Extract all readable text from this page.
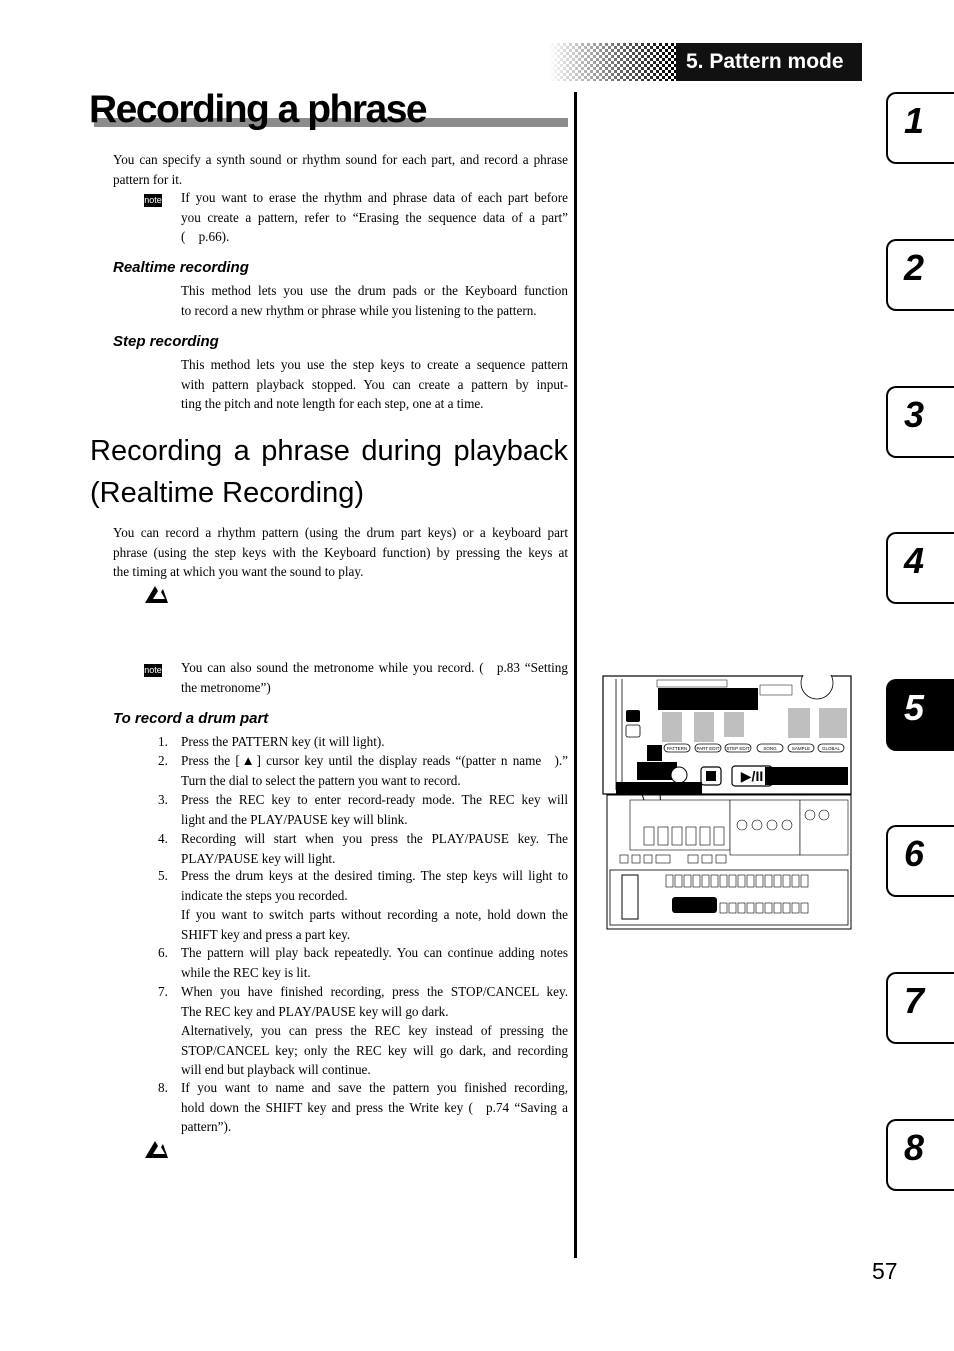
5. Pattern mode
Recording a phrase
You can specify a synth sound or rhythm sound for each part, and record a phrase pattern for it.
note If you want to erase the rhythm and phrase data of each part before
you create a pattern, refer to “Erasing the sequence data of a part”
( p.66).
Realtime recording
This method lets you use the drum pads or the Keyboard function
to record a new rhythm or phrase while you listening to the pattern.
Step recording
This method lets you use the step keys to create a sequence pattern
with pattern playback stopped. You can create a pattern by input-
ting the pitch and note length for each step, one at a time.
Recording a phrase during playback
(Realtime Recording)
You can record a rhythm pattern (using the drum part keys) or a keyboard part
phrase (using the step keys with the Keyboard function) by pressing the keys at
the timing at which you want the sound to play.
note You can also sound the metronome while you record. ( p.83 “Setting
the metronome”)
To record a drum part
1. Press the PATTERN key (it will light).
2. Press the [▲] cursor key until the display reads “(patter n name ).”
Turn the dial to select the pattern you want to record.
3. Press the REC key to enter record-ready mode. The REC key will
light and the PLAY/PAUSE key will blink.
4. Recording will start when you press the PLAY/PAUSE key. The
PLAY/PAUSE key will light.
5. Press the drum keys at the desired timing. The step keys will light to
indicate the steps you recorded.
If you want to switch parts without recording a note, hold down the
SHIFT key and press a part key.
6. The pattern will play back repeatedly. You can continue adding notes
while the REC key is lit.
7. When you have finished recording, press the STOP/CANCEL key.
The REC key and PLAY/PAUSE key will go dark.
Alternatively, you can press the REC key instead of pressing the
STOP/CANCEL key; only the REC key will go dark, and recording
will end but playback will continue.
8. If you want to name and save the pattern you finished recording,
hold down the SHIFT key and press the Write key ( p.74 “Saving a
pattern”).
PATTERN PART EDIT STEP EDIT	SONG	SAMPLE	GLOBAL
▶/II
1
2
3
4
5
6
7
8
57
